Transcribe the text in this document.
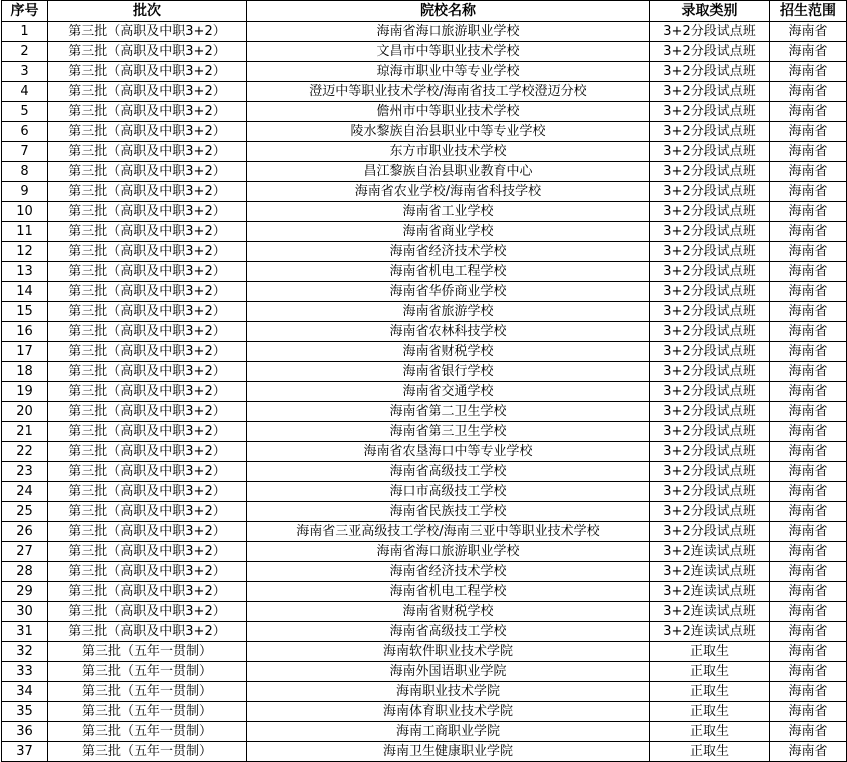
序号	批次	院校名称	录取类别	招生范围
1	第三批（高职及中职3+2）	海南省海口旅游职业学校	3+2分段试点班	海南省
2	第三批（高职及中职3+2）	文昌市中等职业技术学校	3+2分段试点班	海南省
3	第三批（高职及中职3+2）	琼海市职业中等专业学校	3+2分段试点班	海南省
4	第三批（高职及中职3+2）	澄迈中等职业技术学校/海南省技工学校澄迈分校	3+2分段试点班	海南省
5	第三批（高职及中职3+2）	儋州市中等职业技术学校	3+2分段试点班	海南省
6	第三批（高职及中职3+2）	陵水黎族自治县职业中等专业学校	3+2分段试点班	海南省
7	第三批（高职及中职3+2）	东方市职业技术学校	3+2分段试点班	海南省
8	第三批（高职及中职3+2）	昌江黎族自治县职业教育中心	3+2分段试点班	海南省
9	第三批（高职及中职3+2）	海南省农业学校/海南省科技学校	3+2分段试点班	海南省
10	第三批（高职及中职3+2）	海南省工业学校	3+2分段试点班	海南省
11	第三批（高职及中职3+2）	海南省商业学校	3+2分段试点班	海南省
12	第三批（高职及中职3+2）	海南省经济技术学校	3+2分段试点班	海南省
13	第三批（高职及中职3+2）	海南省机电工程学校	3+2分段试点班	海南省
14	第三批（高职及中职3+2）	海南省华侨商业学校	3+2分段试点班	海南省
15	第三批（高职及中职3+2）	海南省旅游学校	3+2分段试点班	海南省
16	第三批（高职及中职3+2）	海南省农林科技学校	3+2分段试点班	海南省
17	第三批（高职及中职3+2）	海南省财税学校	3+2分段试点班	海南省
18	第三批（高职及中职3+2）	海南省银行学校	3+2分段试点班	海南省
19	第三批（高职及中职3+2）	海南省交通学校	3+2分段试点班	海南省
20	第三批（高职及中职3+2）	海南省第二卫生学校	3+2分段试点班	海南省
21	第三批（高职及中职3+2）	海南省第三卫生学校	3+2分段试点班	海南省
22	第三批（高职及中职3+2）	海南省农垦海口中等专业学校	3+2分段试点班	海南省
23	第三批（高职及中职3+2）	海南省高级技工学校	3+2分段试点班	海南省
24	第三批（高职及中职3+2）	海口市高级技工学校	3+2分段试点班	海南省
25	第三批（高职及中职3+2）	海南省民族技工学校	3+2分段试点班	海南省
26	第三批（高职及中职3+2）	海南省三亚高级技工学校/海南三亚中等职业技术学校	3+2分段试点班	海南省
27	第三批（高职及中职3+2）	海南省海口旅游职业学校	3+2连读试点班	海南省
28	第三批（高职及中职3+2）	海南省经济技术学校	3+2连读试点班	海南省
29	第三批（高职及中职3+2）	海南省机电工程学校	3+2连读试点班	海南省
30	第三批（高职及中职3+2）	海南省财税学校	3+2连读试点班	海南省
31	第三批（高职及中职3+2）	海南省高级技工学校	3+2连读试点班	海南省
32	第三批（五年一贯制）	海南软件职业技术学院	正取生	海南省
33	第三批（五年一贯制）	海南外国语职业学院	正取生	海南省
34	第三批（五年一贯制）	海南职业技术学院	正取生	海南省
35	第三批（五年一贯制）	海南体育职业技术学院	正取生	海南省
36	第三批（五年一贯制）	海南工商职业学院	正取生	海南省
37	第三批（五年一贯制）	海南卫生健康职业学院	正取生	海南省
